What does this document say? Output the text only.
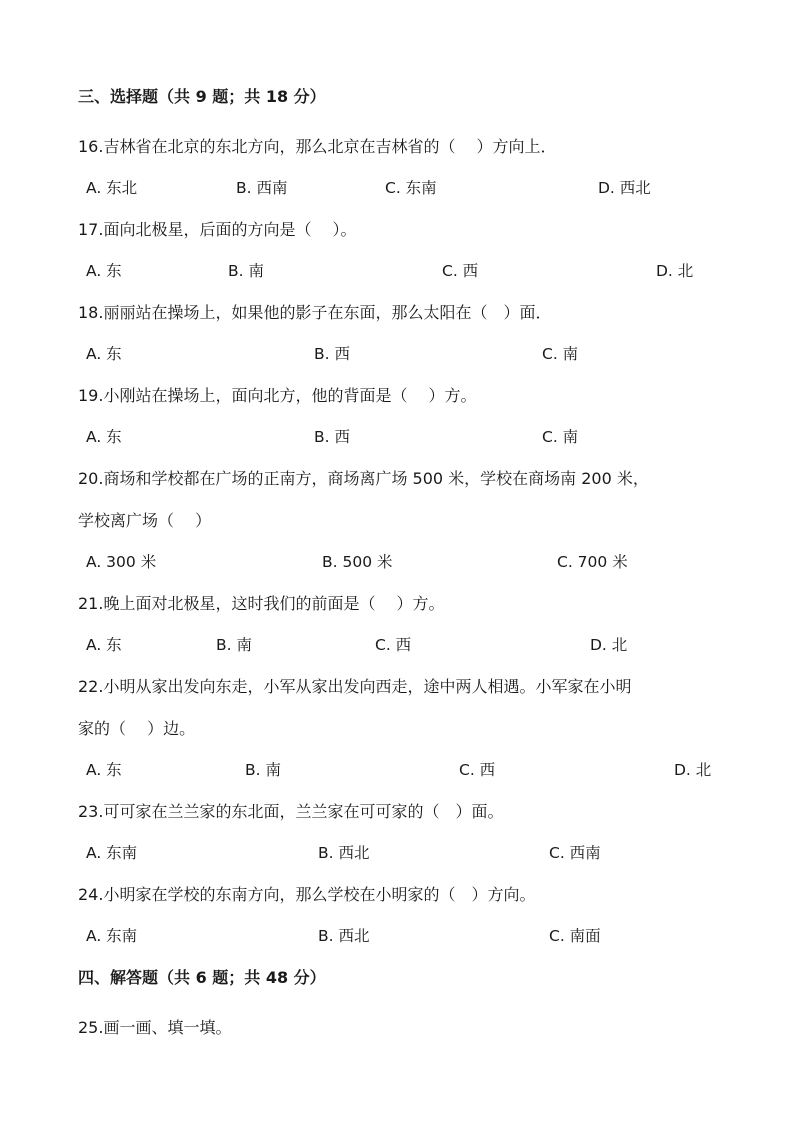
三、选择题（共 9 题；共 18 分）
16.吉林省在北京的东北方向，那么北京在吉林省的（　 ）方向上．
A. 东北	B. 西南	C. 东南	D. 西北
17.面向北极星，后面的方向是（　 ）。
A. 东	B. 南	C. 西	D. 北
18.丽丽站在操场上，如果他的影子在东面，那么太阳在（　）面．
A. 东	B. 西	C. 南
19.小刚站在操场上，面向北方，他的背面是（　 ）方。
A. 东	B. 西	C. 南
20.商场和学校都在广场的正南方，商场离广场 500 米，学校在商场南 200 米，
学校离广场（　 ）
A. 300 米	B. 500 米	C. 700 米
21.晚上面对北极星，这时我们的前面是（　 ）方。
A. 东	B. 南	C. 西	D. 北
22.小明从家出发向东走，小军从家出发向西走，途中两人相遇。小军家在小明
家的（　 ）边。
A. 东	B. 南	C. 西	D. 北
23.可可家在兰兰家的东北面，兰兰家在可可家的（　）面。
A. 东南	B. 西北	C. 西南
24.小明家在学校的东南方向，那么学校在小明家的（　）方向。
A. 东南	B. 西北	C. 南面
四、解答题（共 6 题；共 48 分）
25.画一画、填一填。
